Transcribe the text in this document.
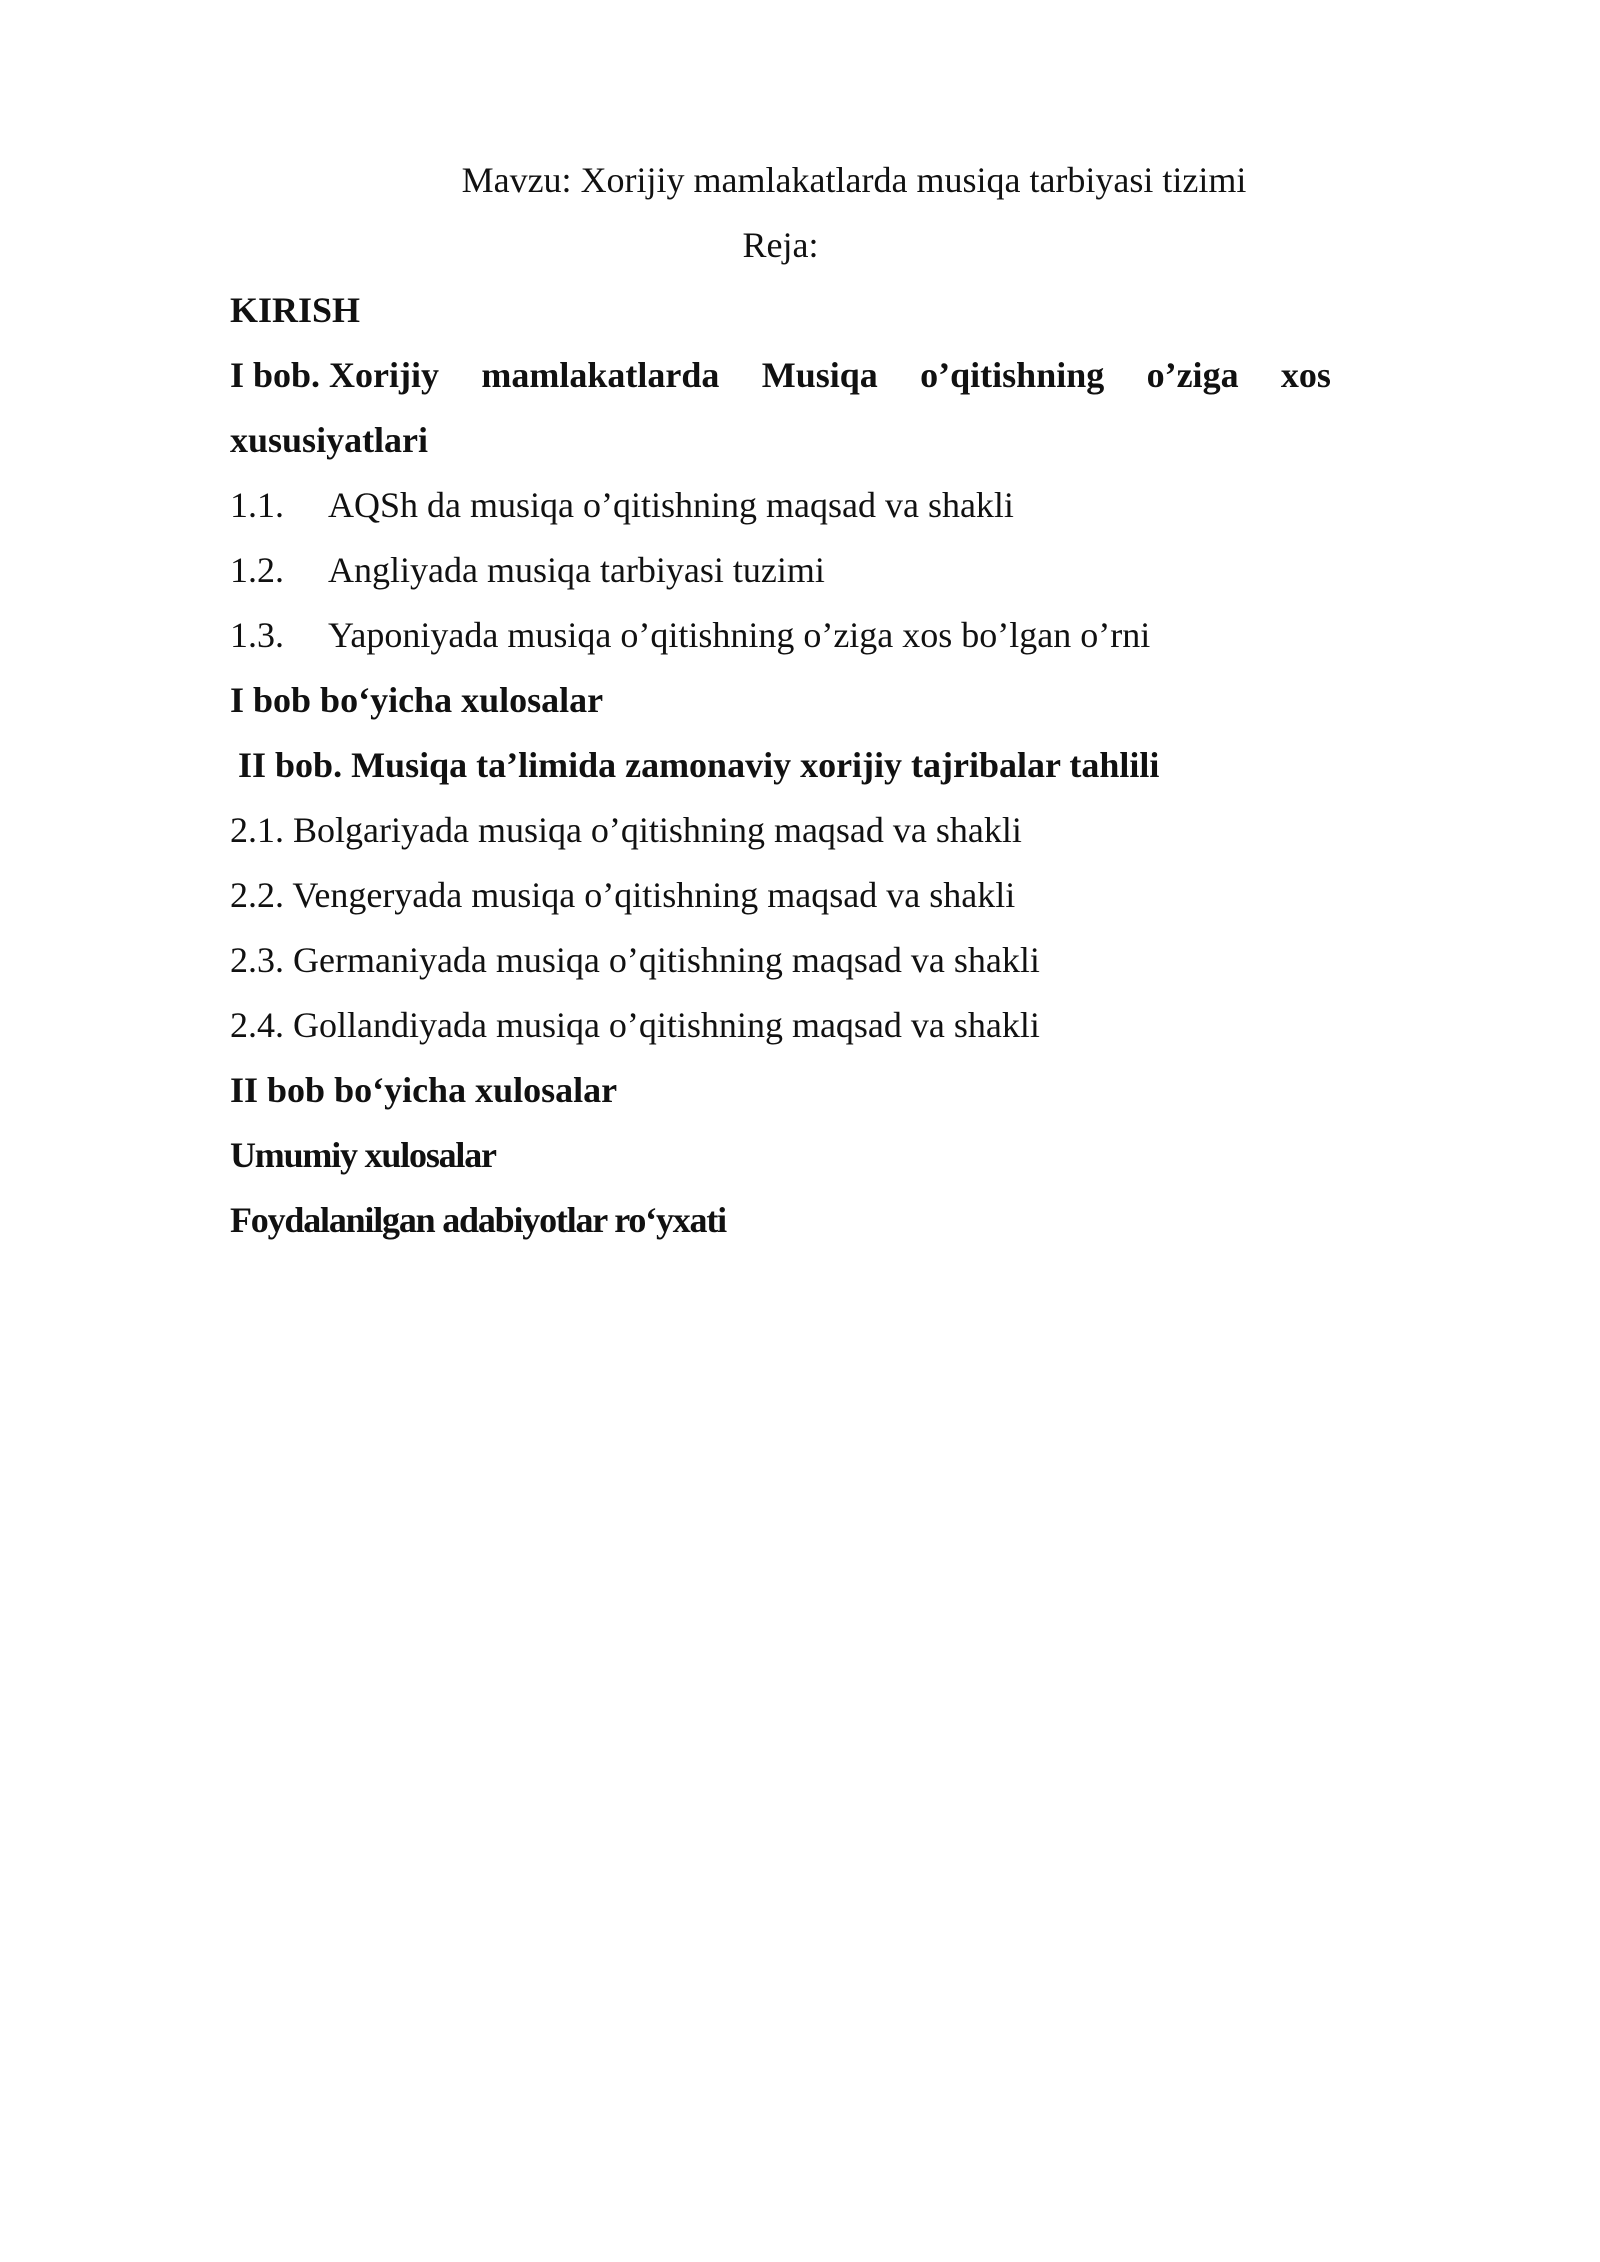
Mavzu: Xorijiy mamlakatlarda musiqa tarbiyasi tizimi
Reja:
KIRISH
I bob. Xorijiy mamlakatlarda Musiqa o’qitishning o’ziga xos
xususiyatlari
1.1.	AQSh da musiqa o’qitishning maqsad va shakli
1.2.	Angliyada musiqa tarbiyasi tuzimi
1.3.	Yaponiyada musiqa o’qitishning o’ziga xos bo’lgan o’rni
I bob bo‘yicha xulosalar
II bob. Musiqa ta’limida zamonaviy xorijiy tajribalar tahlili
2.1. Bolgariyada musiqa o’qitishning maqsad va shakli
2.2. Vengeryada musiqa o’qitishning maqsad va shakli
2.3. Germaniyada musiqa o’qitishning maqsad va shakli
2.4. Gollandiyada musiqa o’qitishning maqsad va shakli
II bob bo‘yicha xulosalar
Umumiy xulosalar
Foydalanilgan adabiyotlar ro‘yxati
